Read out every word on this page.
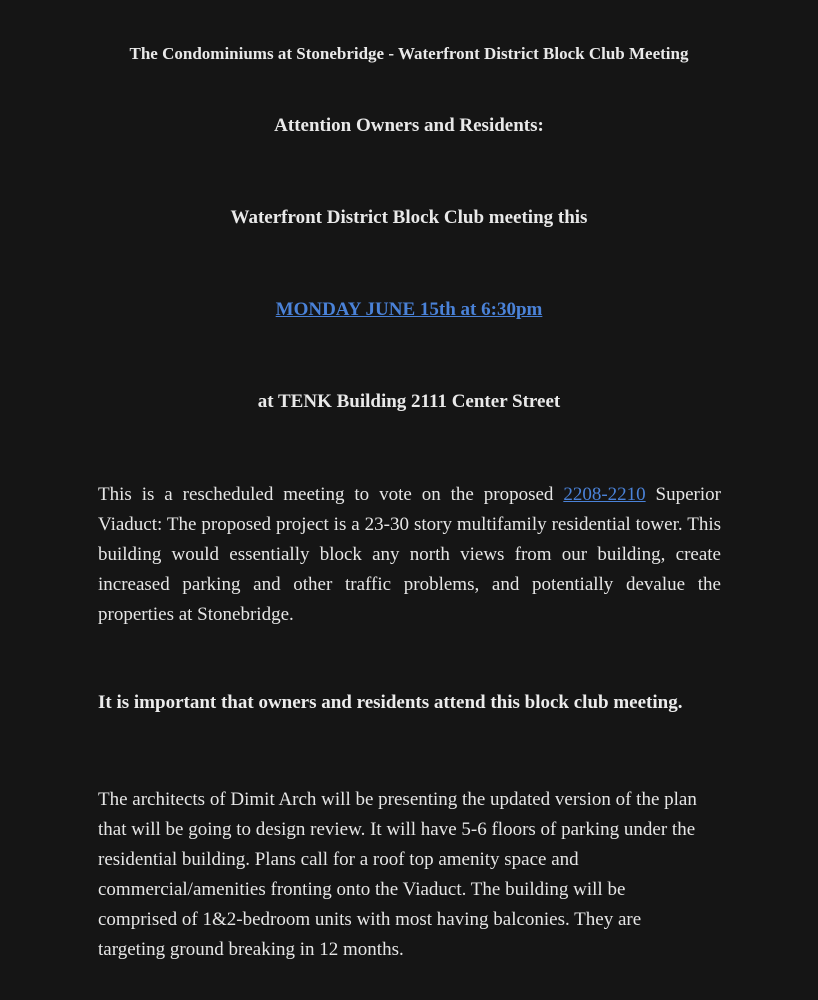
The Condominiums at Stonebridge - Waterfront District Block Club Meeting
Attention Owners and Residents:
Waterfront District Block Club meeting this
MONDAY JUNE 15th at 6:30pm
at TENK Building 2111 Center Street
This is a rescheduled meeting to vote on the proposed 2208-2210 Superior Viaduct: The proposed project is a 23-30 story multifamily residential tower. This building would essentially block any north views from our building, create increased parking and other traffic problems, and potentially devalue the properties at Stonebridge.
It is important that owners and residents attend this block club meeting.
The architects of Dimit Arch will be presenting the updated version of the plan that will be going to design review. It will have 5-6 floors of parking under the residential building. Plans call for a roof top amenity space and commercial/amenities fronting onto the Viaduct. The building will be comprised of 1&2-bedroom units with most having balconies. They are targeting ground breaking in 12 months.
